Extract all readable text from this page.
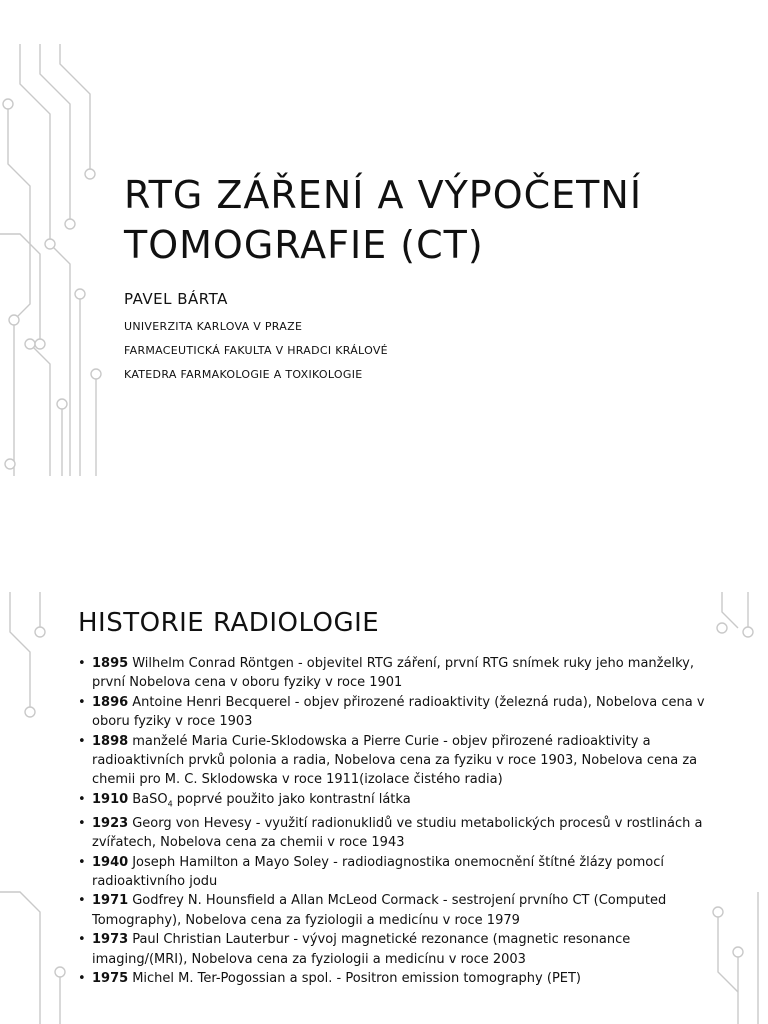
RTG ZÁŘENÍ A VÝPOČETNÍ
TOMOGRAFIE (CT)
PAVEL BÁRTA
UNIVERZITA KARLOVA V PRAZE
FARMACEUTICKÁ FAKULTA V HRADCI KRÁLOVÉ
KATEDRA FARMAKOLOGIE A TOXIKOLOGIE
HISTORIE RADIOLOGIE
• 1895 Wilhelm Conrad Röntgen - objevitel RTG záření, první RTG snímek ruky jeho manželky, první Nobelova cena v oboru fyziky v roce 1901
• 1896 Antoine Henri Becquerel - objev přirozené radioaktivity (železná ruda), Nobelova cena v oboru fyziky v roce 1903
• 1898 manželé Maria Curie-Sklodowska a Pierre Curie - objev přirozené radioaktivity a radioaktivních prvků polonia a radia, Nobelova cena za fyziku v roce 1903, Nobelova cena za chemii pro M. C. Sklodowska v roce 1911(izolace čistého radia)
• 1910 BaSO$_4$ poprvé použito jako kontrastní látka
• 1923 Georg von Hevesy - využití radionuklidů ve studiu metabolických procesů v rostlinách a zvířatech, Nobelova cena za chemii v roce 1943
• 1940 Joseph Hamilton a Mayo Soley - radiodiagnostika onemocnění štítné žlázy pomocí radioaktivního jodu
• 1971 Godfrey N. Hounsfield a Allan McLeod Cormack - sestrojení prvního CT (Computed Tomography), Nobelova cena za fyziologii a medicínu v roce 1979
• 1973 Paul Christian Lauterbur - vývoj magnetické rezonance (magnetic resonance imaging/(MRI), Nobelova cena za fyziologii a medicínu v roce 2003
• 1975 Michel M. Ter-Pogossian a spol. - Positron emission tomography (PET)
